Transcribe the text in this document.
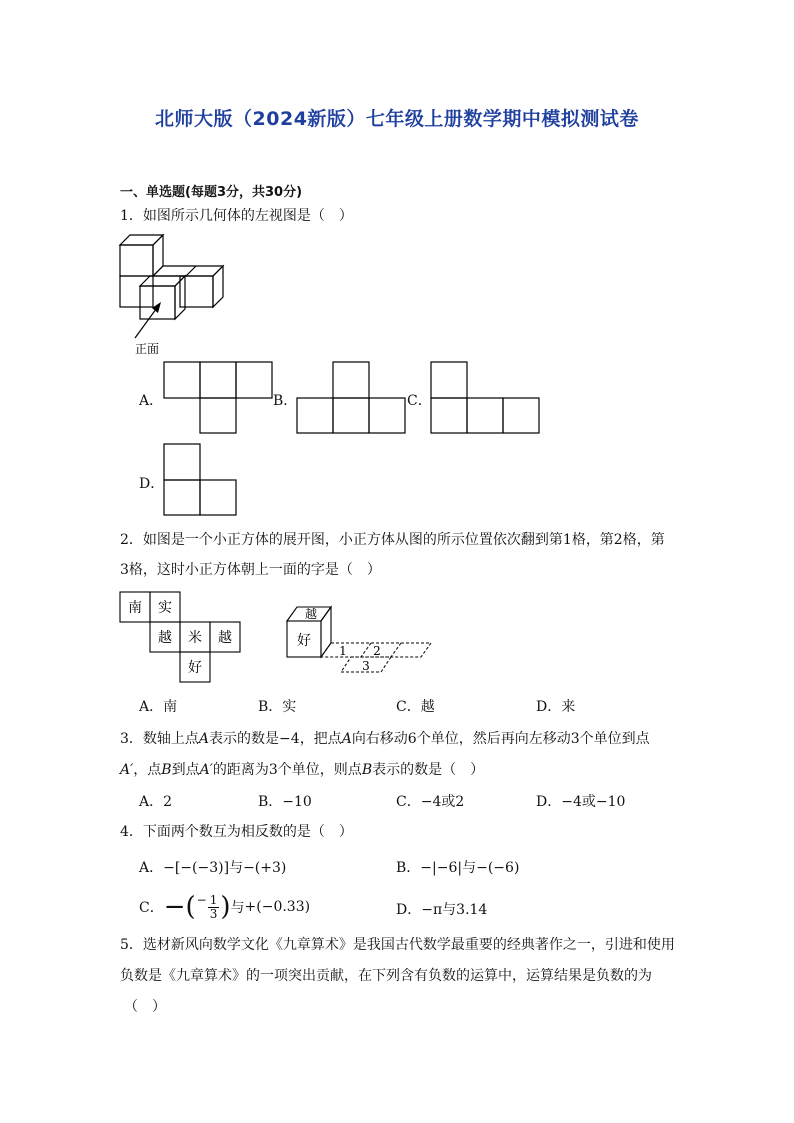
北师大版（2024新版）七年级上册数学期中模拟测试卷
一、单选题(每题3分，共30分)
1．如图所示几何体的左视图是（　）
正面
A．	B．	C．
D．
2．如图是一个小正方体的展开图，小正方体从图的所示位置依次翻到第1格，第2格，第
3格，这时小正方体朝上一面的字是（　）
南 实
越 米 越
好
越
好
1 2
3
A．南	B．实	C．越	D．来
3．数轴上点A表示的数是−4，把点A向右移动6个单位，然后再向左移动3个单位到点
A′，点B到点A′的距离为3个单位，则点B表示的数是（　）
A．2	B．−10	C．−4或2	D．−4或−10
4．下面两个数互为相反数的是（　）
A．−[−(−3)]与−(+3)	B．−|−6|与−(−6)
C． −( − $\frac{1}{3}$ ) 与 +(−0.33)	D．−π与3.14
5．选材新风向数学文化《九章算术》是我国古代数学最重要的经典著作之一，引进和使用
负数是《九章算术》的一项突出贡献，在下列含有负数的运算中，运算结果是负数的为
（　）
